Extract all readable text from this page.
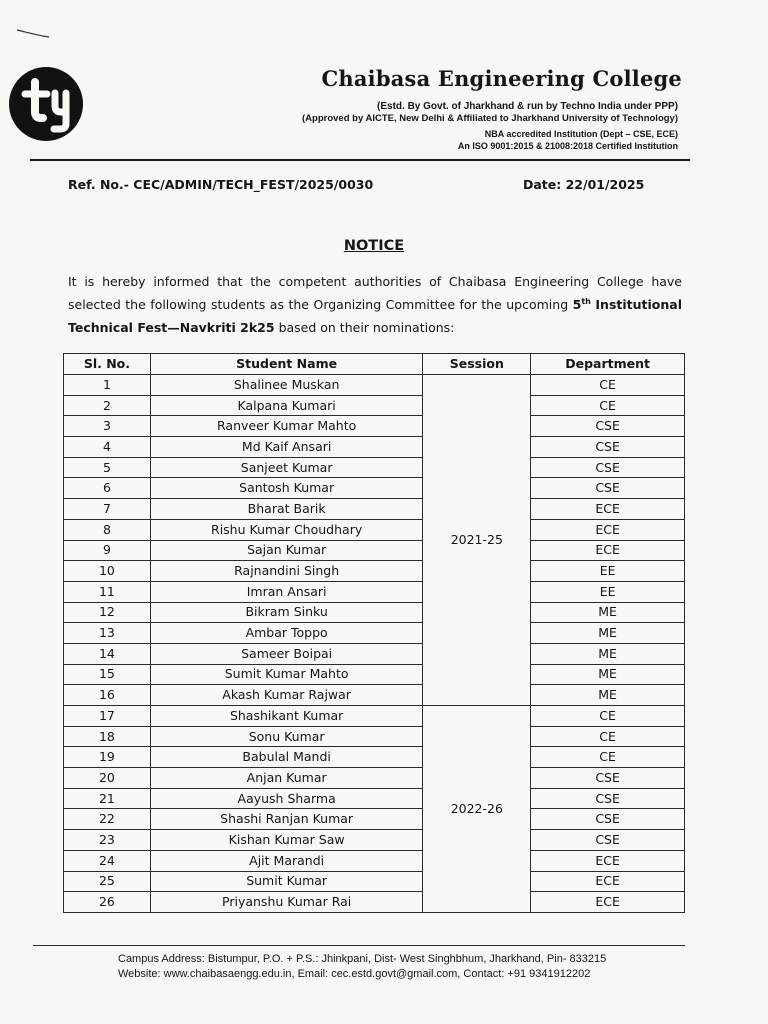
Chaibasa Engineering College
(Estd. By Govt. of Jharkhand & run by Techno India under PPP)
(Approved by AICTE, New Delhi & Affiliated to Jharkhand University of Technology)
NBA accredited Institution (Dept – CSE, ECE)
An ISO 9001:2015 & 21008:2018 Certified Institution
Ref. No.- CEC/ADMIN/TECH_FEST/2025/0030	Date: 22/01/2025
NOTICE

It is hereby informed that the competent authorities of Chaibasa Engineering College have selected the following students as the Organizing Committee for the upcoming 5th Institutional Technical Fest—Navkriti 2k25 based on their nominations:

Sl. No.	Student Name	Session	Department
1	Shalinee Muskan	2021-25	CE
2	Kalpana Kumari		CE
3	Ranveer Kumar Mahto		CSE
4	Md Kaif Ansari		CSE
5	Sanjeet Kumar		CSE
6	Santosh Kumar		CSE
7	Bharat Barik		ECE
8	Rishu Kumar Choudhary		ECE
9	Sajan Kumar		ECE
10	Rajnandini Singh		EE
11	Imran Ansari		EE
12	Bikram Sinku		ME
13	Ambar Toppo		ME
14	Sameer Boipai		ME
15	Sumit Kumar Mahto		ME
16	Akash Kumar Rajwar		ME
17	Shashikant Kumar	2022-26	CE
18	Sonu Kumar		CE
19	Babulal Mandi		CE
20	Anjan Kumar		CSE
21	Aayush Sharma		CSE
22	Shashi Ranjan Kumar		CSE
23	Kishan Kumar Saw		CSE
24	Ajit Marandi		ECE
25	Sumit Kumar		ECE
26	Priyanshu Kumar Rai		ECE
Campus Address: Bistumpur, P.O. + P.S.: Jhinkpani, Dist- West Singhbhum, Jharkhand, Pin- 833215
Website: www.chaibasaengg.edu.in, Email: cec.estd.govt@gmail.com, Contact: +91 9341912202
